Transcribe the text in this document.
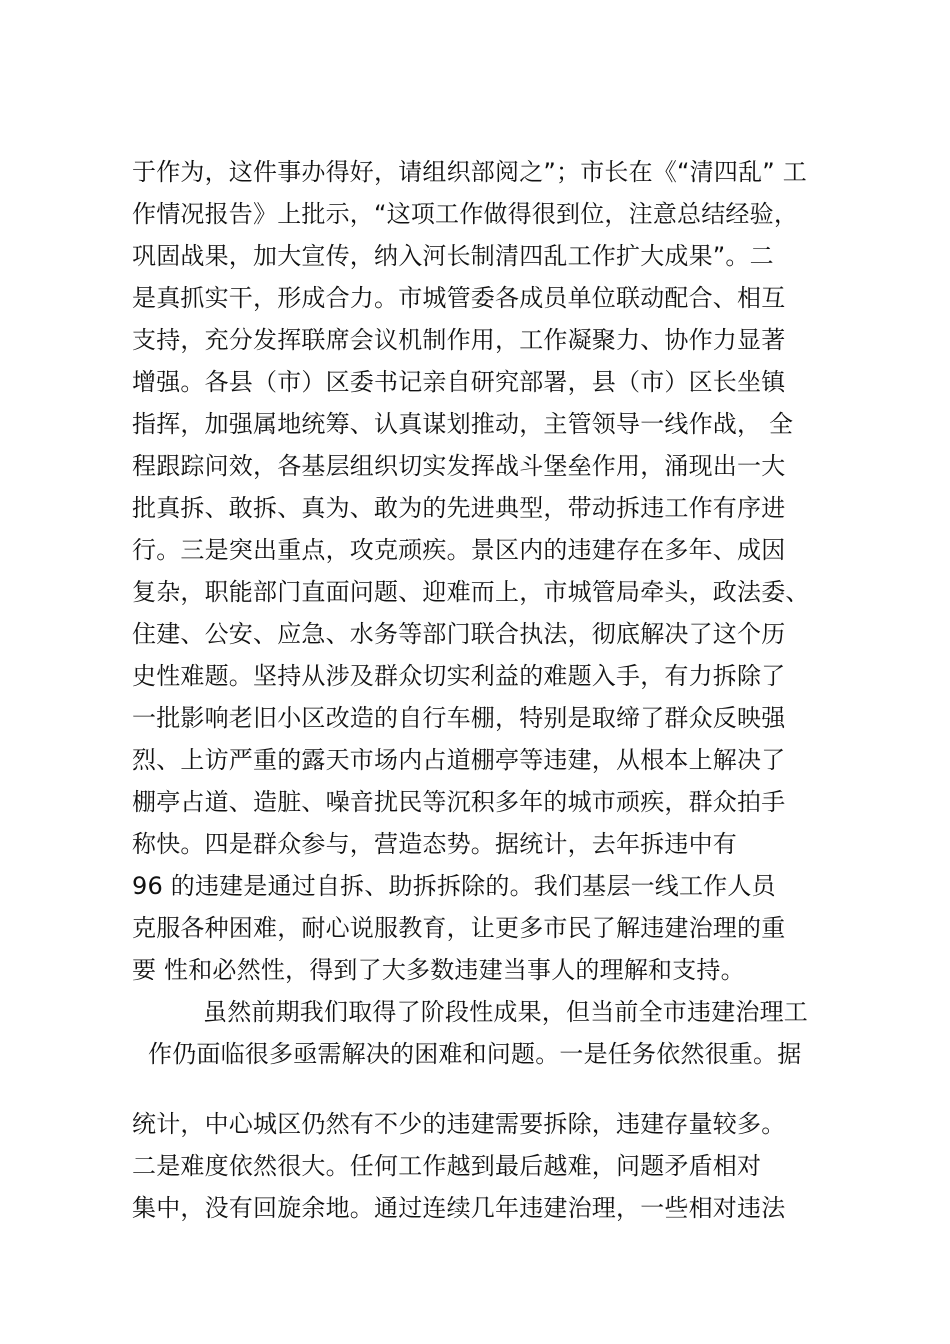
于作为，这件事办得好，请组织部阅之”；市长在《“清四乱” 工

作情况报告》上批示，“这项工作做得很到位，注意总结经验，

巩固战果，加大宣传，纳入河长制清四乱工作扩大成果”。二

是真抓实干，形成合力。市城管委各成员单位联动配合、相互

支持，充分发挥联席会议机制作用，工作凝聚力、协作力显著

增强。各县（市）区委书记亲自研究部署，县（市）区长坐镇

指挥，加强属地统筹、认真谋划推动，主管领导一线作战， 全

程跟踪问效，各基层组织切实发挥战斗堡垒作用，涌现出一大

批真拆、敢拆、真为、敢为的先进典型，带动拆违工作有序进

行。三是突出重点，攻克顽疾。景区内的违建存在多年、成因

复杂，职能部门直面问题、迎难而上，市城管局牵头，政法委、

住建、公安、应急、水务等部门联合执法，彻底解决了这个历

史性难题。坚持从涉及群众切实利益的难题入手，有力拆除了

一批影响老旧小区改造的自行车棚，特别是取缔了群众反映强

烈、上访严重的露天市场内占道棚亭等违建，从根本上解决了

棚亭占道、造脏、噪音扰民等沉积多年的城市顽疾，群众拍手

称快。四是群众参与，营造态势。据统计，去年拆违中有

96 的违建是通过自拆、助拆拆除的。我们基层一线工作人员

克服各种困难，耐心说服教育，让更多市民了解违建治理的重

要 性和必然性，得到了大多数违建当事人的理解和支持。

虽然前期我们取得了阶段性成果，但当前全市违建治理工

作仍面临很多亟需解决的困难和问题。一是任务依然很重。据

统计，中心城区仍然有不少的违建需要拆除，违建存量较多。

二是难度依然很大。任何工作越到最后越难，问题矛盾相对

集中，没有回旋余地。通过连续几年违建治理，一些相对违法
